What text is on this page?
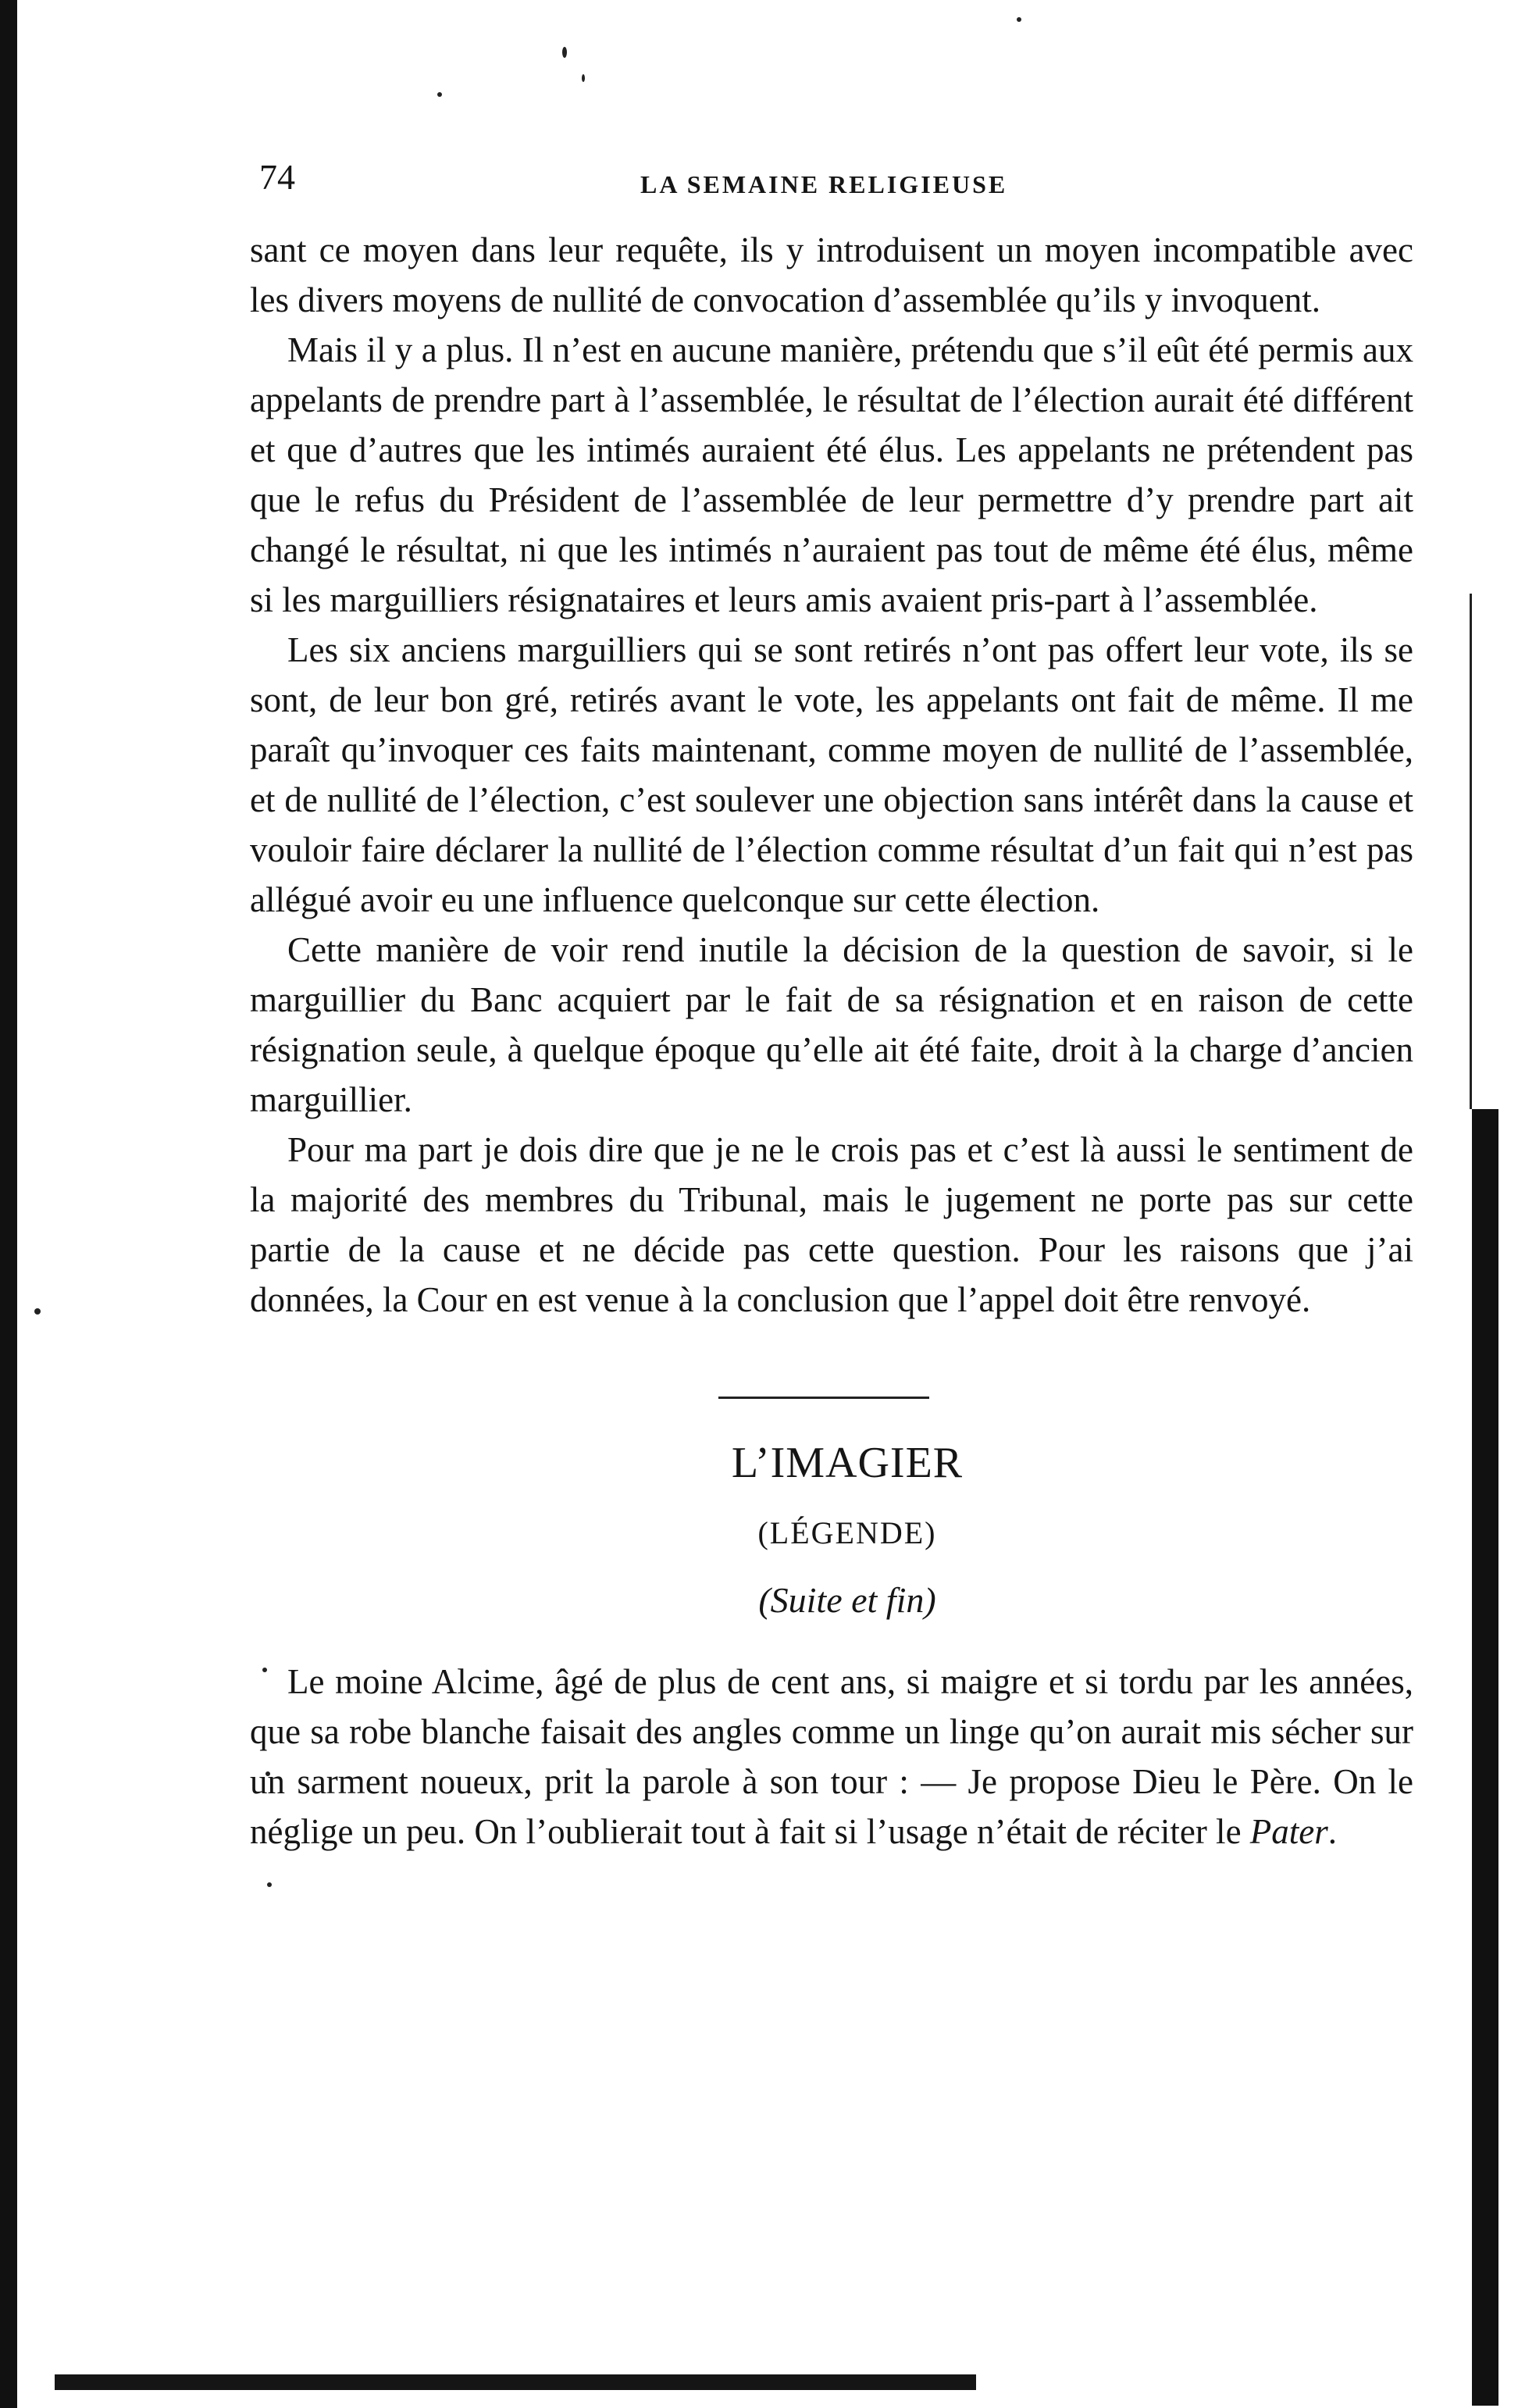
74	LA SEMAINE RELIGIEUSE

sant ce moyen dans leur requête, ils y introduisent un moyen incompatible avec les divers moyens de nullité de convocation d’assemblée qu’ils y invoquent.

Mais il y a plus. Il n’est en aucune manière, prétendu que s’il eût été permis aux appelants de prendre part à l’assemblée, le résultat de l’élection aurait été différent et que d’autres que les intimés auraient été élus. Les appelants ne prétendent pas que le refus du Président de l’assemblée de leur permettre d’y prendre part ait changé le résultat, ni que les intimés n’auraient pas tout de même été élus, même si les marguilliers résignataires et leurs amis avaient pris-part à l’assemblée.

Les six anciens marguilliers qui se sont retirés n’ont pas offert leur vote, ils se sont, de leur bon gré, retirés avant le vote, les appelants ont fait de même. Il me paraît qu’invoquer ces faits maintenant, comme moyen de nullité de l’assemblée, et de nullité de l’élection, c’est soulever une objection sans intérêt dans la cause et vouloir faire déclarer la nullité de l’élection comme résultat d’un fait qui n’est pas allégué avoir eu une influence quelconque sur cette élection.

Cette manière de voir rend inutile la décision de la question de savoir, si le marguillier du Banc acquiert par le fait de sa résignation et en raison de cette résignation seule, à quelque époque qu’elle ait été faite, droit à la charge d’ancien marguillier.

Pour ma part je dois dire que je ne le crois pas et c’est là aussi le sentiment de la majorité des membres du Tribunal, mais le jugement ne porte pas sur cette partie de la cause et ne décide pas cette question. Pour les raisons que j’ai données, la Cour en est venue à la conclusion que l’appel doit être renvoyé.

L’IMAGIER
(LÉGENDE)
(Suite et fin)

Le moine Alcime, âgé de plus de cent ans, si maigre et si tordu par les années, que sa robe blanche faisait des angles comme un linge qu’on aurait mis sécher sur un sarment noueux, prit la parole à son tour : — Je propose Dieu le Père. On le néglige un peu. On l’oublierait tout à fait si l’usage n’était de réciter le Pater.
